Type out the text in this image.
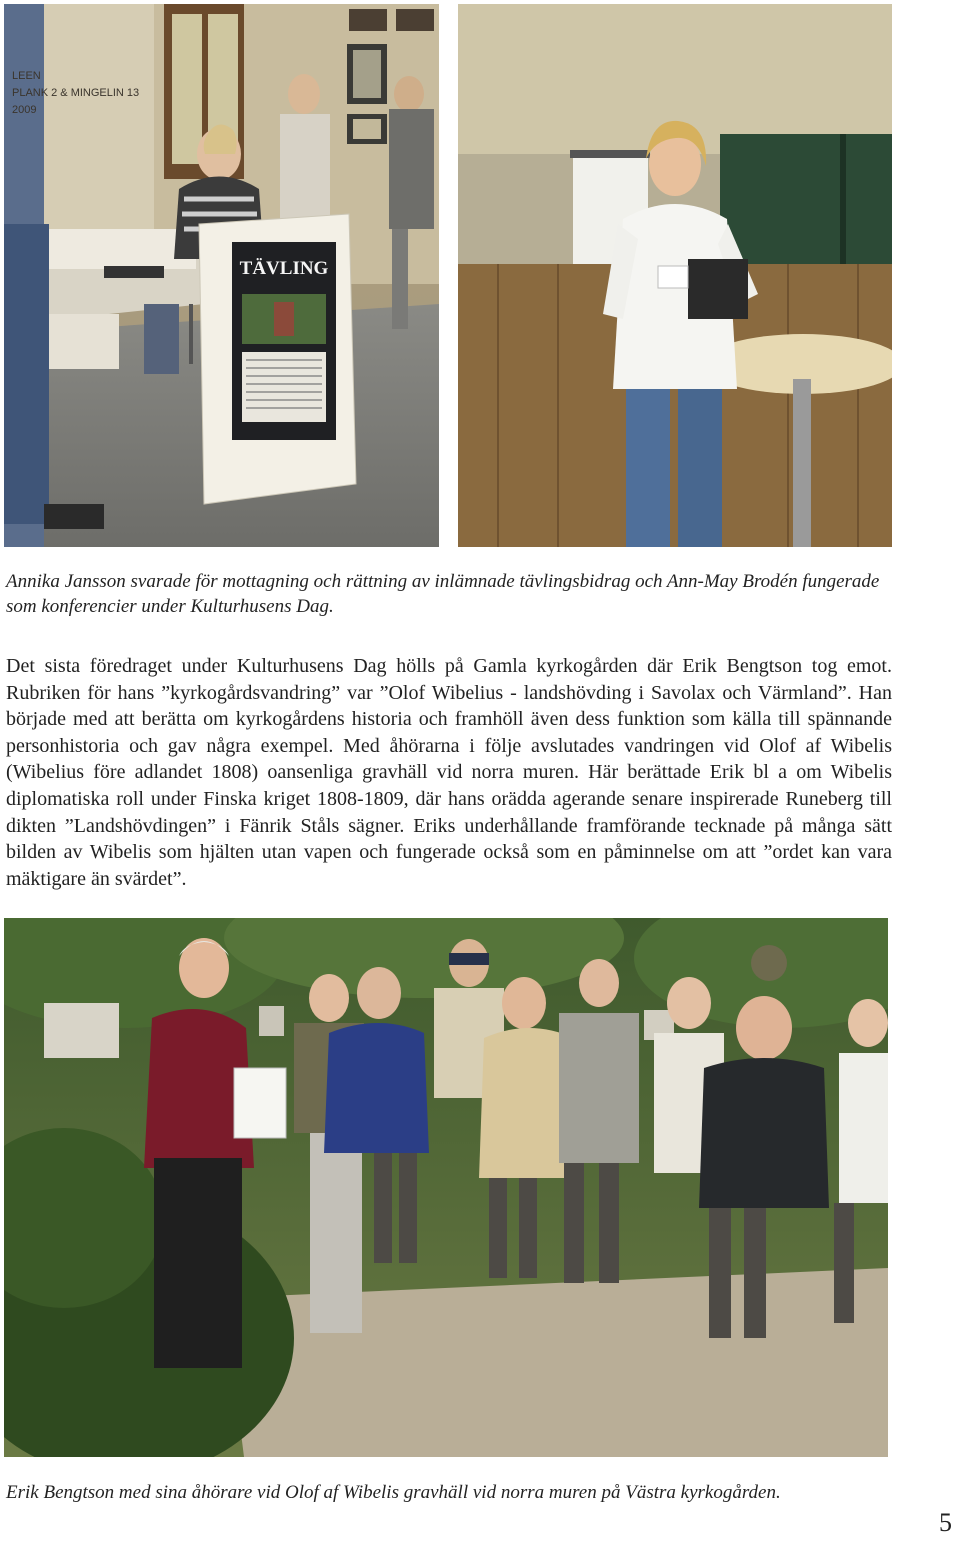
TÄVLING
LEEN
PLANK 2 & MINGELIN 13
2009

Annika Jansson svarade för mottagning och rättning av inlämnade tävlingsbidrag och Ann-May Brodén fungerade som konferencier under Kulturhusens Dag.

Det sista föredraget under Kulturhusens Dag hölls på Gamla kyrkogården där Erik Bengtson tog emot. Rubriken för hans ”kyrkogårdsvandring” var ”Olof Wibelius - landshövding i Savolax och Värmland”. Han började med att berätta om kyrkogårdens historia och framhöll även dess funktion som källa till spännande personhistoria och gav några exempel. Med åhörarna i följe avslutades vandringen vid Olof af Wibelis (Wibelius före adlandet 1808) oansenliga gravhäll vid norra muren. Här berättade Erik bl a om Wibelis diplomatiska roll under Finska kriget 1808-1809, där hans orädda agerande senare inspirerade Runeberg till dikten ”Landshövdingen” i Fänrik Ståls sägner. Eriks underhållande framförande tecknade på många sätt bilden av Wibelis som hjälten utan vapen och fungerade också som en påminnelse om att ”ordet kan vara mäktigare än svärdet”.

Erik Bengtson med sina åhörare vid Olof af Wibelis gravhäll vid norra muren på Västra kyrkogården.

5
